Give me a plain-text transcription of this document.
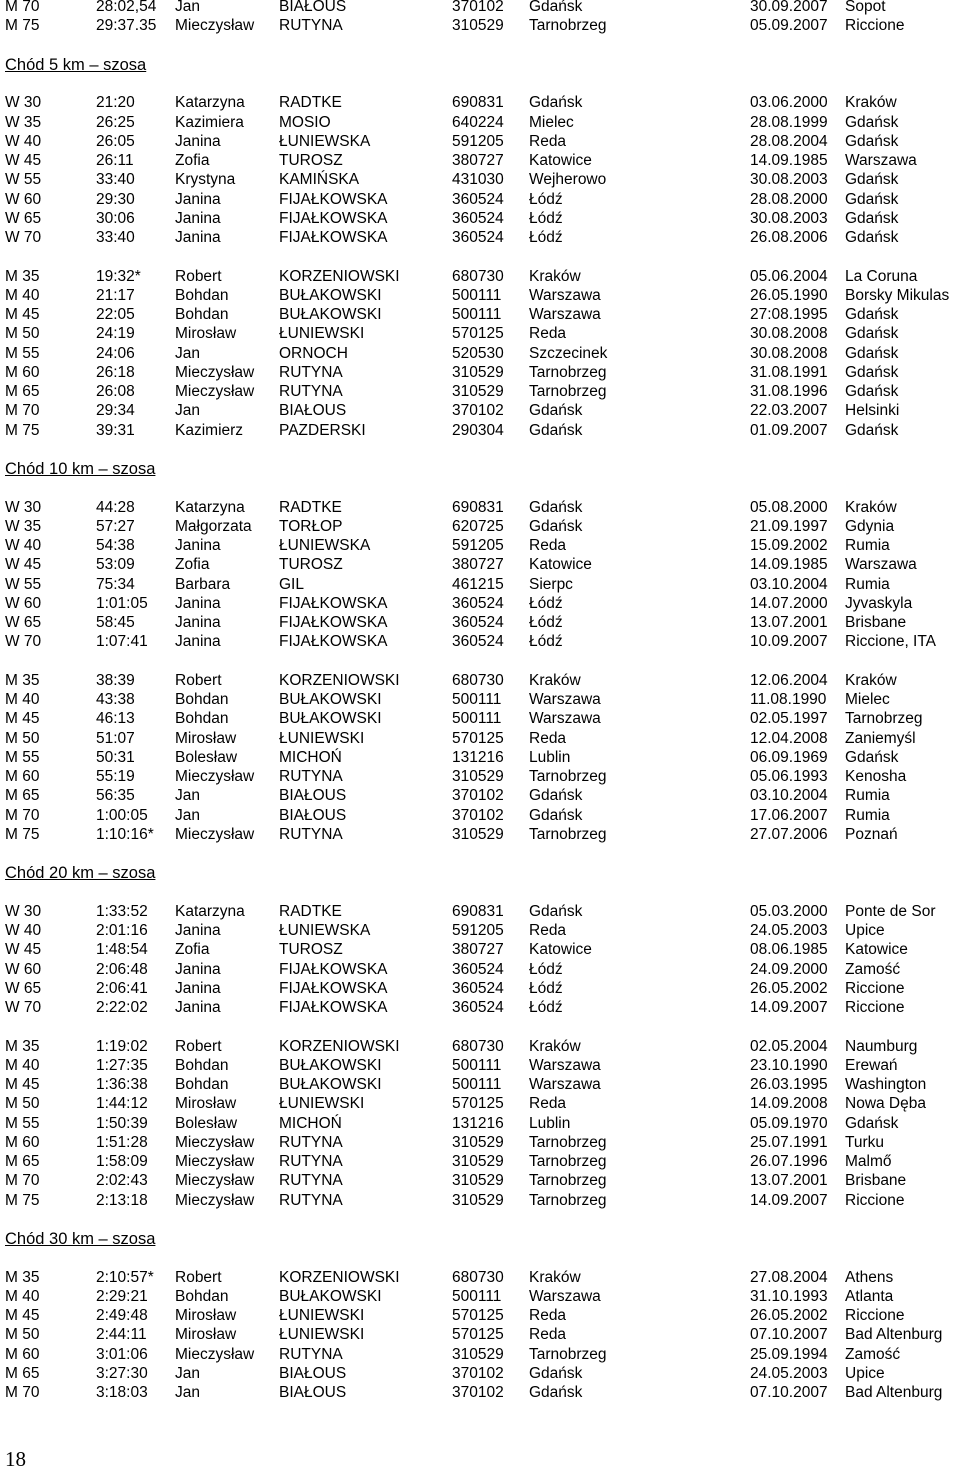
M 70	28:02,54 Jan	BIAŁOUS	370102 Gdańsk	30.09.2007 Sopot
M 75	29:37.35 Mieczysław RUTYNA	310529 Tarnobrzeg	05.09.2007 Riccione
Chód 5 km – szosa
W 30	21:20	Katarzyna RADTKE	690831 Gdańsk	03.06.2000 Kraków
W 35	26:25	Kazimiera MOSIO	640224 Mielec	28.08.1999 Gdańsk
W 40	26:05	Janina	ŁUNIEWSKA	591205 Reda	28.08.2004 Gdańsk
W 45	26:11	Zofia	TUROSZ	380727 Katowice	14.09.1985 Warszawa
W 55	33:40	Krystyna	KAMIŃSKA	431030 Wejherowo	30.08.2003 Gdańsk
W 60	29:30	Janina	FIJAŁKOWSKA	360524 Łódź	28.08.2000 Gdańsk
W 65	30:06	Janina	FIJAŁKOWSKA	360524 Łódź	30.08.2003 Gdańsk
W 70	33:40	Janina	FIJAŁKOWSKA	360524 Łódź	26.08.2006 Gdańsk
M 35	19:32* Robert	KORZENIOWSKI	680730 Kraków	05.06.2004 La Coruna
M 40	21:17	Bohdan	BUŁAKOWSKI	500111 Warszawa	26.05.1990 Borsky Mikulas
M 45	22:05	Bohdan	BUŁAKOWSKI	500111 Warszawa	27:08.1995 Gdańsk
M 50	24:19	Mirosław	ŁUNIEWSKI	570125 Reda	30.08.2008 Gdańsk
M 55	24:06	Jan	ORNOCH	520530 Szczecinek	30.08.2008 Gdańsk
M 60	26:18	Mieczysław RUTYNA	310529 Tarnobrzeg	31.08.1991 Gdańsk
M 65	26:08	Mieczysław RUTYNA	310529 Tarnobrzeg	31.08.1996 Gdańsk
M 70	29:34	Jan	BIAŁOUS	370102 Gdańsk	22.03.2007 Helsinki
M 75	39:31	Kazimierz PAZDERSKI	290304 Gdańsk	01.09.2007 Gdańsk
Chód 10 km – szosa
W 30	44:28	Katarzyna RADTKE	690831 Gdańsk	05.08.2000 Kraków
W 35	57:27	Małgorzata TORŁOP	620725 Gdańsk	21.09.1997 Gdynia
W 40	54:38	Janina	ŁUNIEWSKA	591205 Reda	15.09.2002 Rumia
W 45	53:09	Zofia	TUROSZ	380727 Katowice	14.09.1985 Warszawa
W 55	75:34	Barbara	GIL	461215 Sierpc	03.10.2004 Rumia
W 60	1:01:05 Janina	FIJAŁKOWSKA	360524 Łódź	14.07.2000 Jyvaskyla
W 65	58:45	Janina	FIJAŁKOWSKA	360524 Łódź	13.07.2001 Brisbane
W 70	1:07:41 Janina	FIJAŁKOWSKA	360524 Łódź	10.09.2007 Riccione, ITA
M 35	38:39	Robert	KORZENIOWSKI	680730 Kraków	12.06.2004 Kraków
M 40	43:38	Bohdan	BUŁAKOWSKI	500111 Warszawa	11.08.1990 Mielec
M 45	46:13	Bohdan	BUŁAKOWSKI	500111 Warszawa	02.05.1997 Tarnobrzeg
M 50	51:07	Mirosław	ŁUNIEWSKI	570125 Reda	12.04.2008 Zaniemyśl
M 55	50:31	Bolesław	MICHOŃ	131216 Lublin	06.09.1969 Gdańsk
M 60	55:19	Mieczysław RUTYNA	310529 Tarnobrzeg	05.06.1993 Kenosha
M 65	56:35	Jan	BIAŁOUS	370102 Gdańsk	03.10.2004 Rumia
M 70	1:00:05 Jan	BIAŁOUS	370102 Gdańsk	17.06.2007 Rumia
M 75	1:10:16* Mieczysław RUTYNA	310529 Tarnobrzeg	27.07.2006 Poznań
Chód 20 km – szosa
W 30	1:33:52 Katarzyna RADTKE	690831 Gdańsk	05.03.2000 Ponte de Sor
W 40	2:01:16 Janina	ŁUNIEWSKA	591205 Reda	24.05.2003 Upice
W 45	1:48:54 Zofia	TUROSZ	380727 Katowice	08.06.1985 Katowice
W 60	2:06:48 Janina	FIJAŁKOWSKA	360524 Łódź	24.09.2000 Zamość
W 65	2:06:41 Janina	FIJAŁKOWSKA	360524 Łódź	26.05.2002 Riccione
W 70	2:22:02 Janina	FIJAŁKOWSKA	360524 Łódź	14.09.2007 Riccione
M 35	1:19:02 Robert	KORZENIOWSKI	680730 Kraków	02.05.2004 Naumburg
M 40	1:27:35 Bohdan	BUŁAKOWSKI	500111 Warszawa	23.10.1990 Erewań
M 45	1:36:38 Bohdan	BUŁAKOWSKI	500111 Warszawa	26.03.1995 Washington
M 50	1:44:12 Mirosław	ŁUNIEWSKI	570125 Reda	14.09.2008 Nowa Dęba
M 55	1:50:39 Bolesław	MICHOŃ	131216 Lublin	05.09.1970 Gdańsk
M 60	1:51:28 Mieczysław RUTYNA	310529 Tarnobrzeg	25.07.1991 Turku
M 65	1:58:09 Mieczysław RUTYNA	310529 Tarnobrzeg	26.07.1996 Malmő
M 70	2:02:43 Mieczysław RUTYNA	310529 Tarnobrzeg	13.07.2001 Brisbane
M 75	2:13:18 Mieczysław RUTYNA	310529 Tarnobrzeg	14.09.2007 Riccione
Chód 30 km – szosa
M 35	2:10:57* Robert	KORZENIOWSKI	680730 Kraków	27.08.2004 Athens
M 40	2:29:21 Bohdan	BUŁAKOWSKI	500111 Warszawa	31.10.1993 Atlanta
M 45	2:49:48 Mirosław	ŁUNIEWSKI	570125 Reda	26.05.2002 Riccione
M 50	2:44:11 Mirosław	ŁUNIEWSKI	570125 Reda	07.10.2007 Bad Altenburg
M 60	3:01:06 Mieczysław RUTYNA	310529 Tarnobrzeg	25.09.1994 Zamość
M 65	3:27:30 Jan	BIAŁOUS	370102 Gdańsk	24.05.2003 Upice
M 70	3:18:03 Jan	BIAŁOUS	370102 Gdańsk	07.10.2007 Bad Altenburg
18
